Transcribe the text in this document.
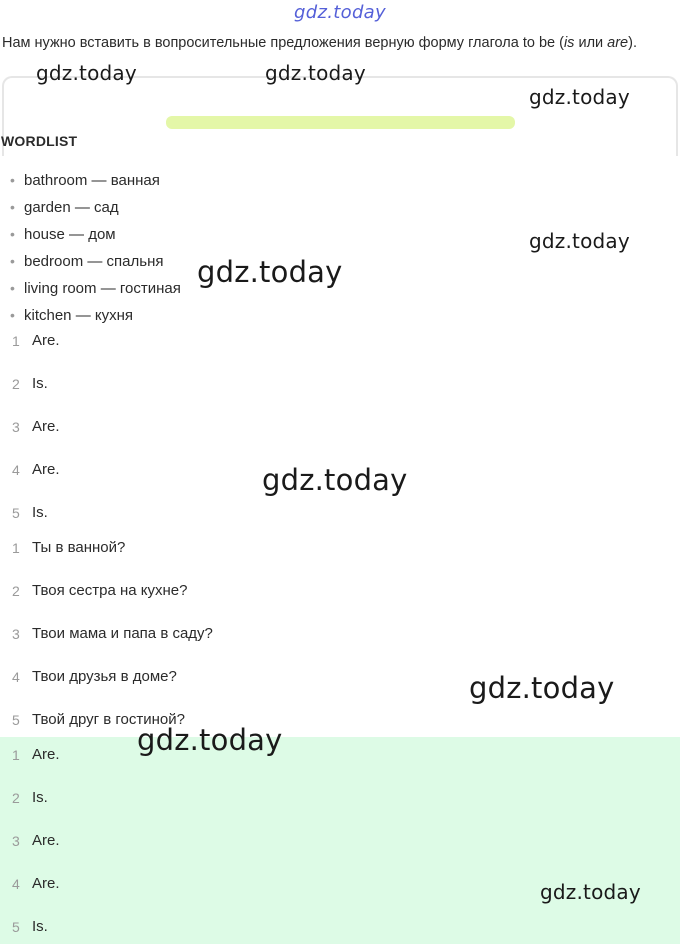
gdz.today
Нам нужно вставить в вопросительные предложения верную форму глагола to be (is или are).
WORDLIST
• bathroom — ванная
• garden — сад
• house — дом
• bedroom — спальня
• living room — гостиная
• kitchen — кухня
1 Are.
2 Is.
3 Are.
4 Are.
5 Is.
1 Ты в ванной?
2 Твоя сестра на кухне?
3 Твои мама и папа в саду?
4 Твои друзья в доме?
5 Твой друг в гостиной?
1 Are.
2 Is.
3 Are.
4 Are.
5 Is.
gdz.today	gdz.today
gdz.today
gdz.today
gdz.today
gdz.today
gdz.today
gdz.today
gdz.today
